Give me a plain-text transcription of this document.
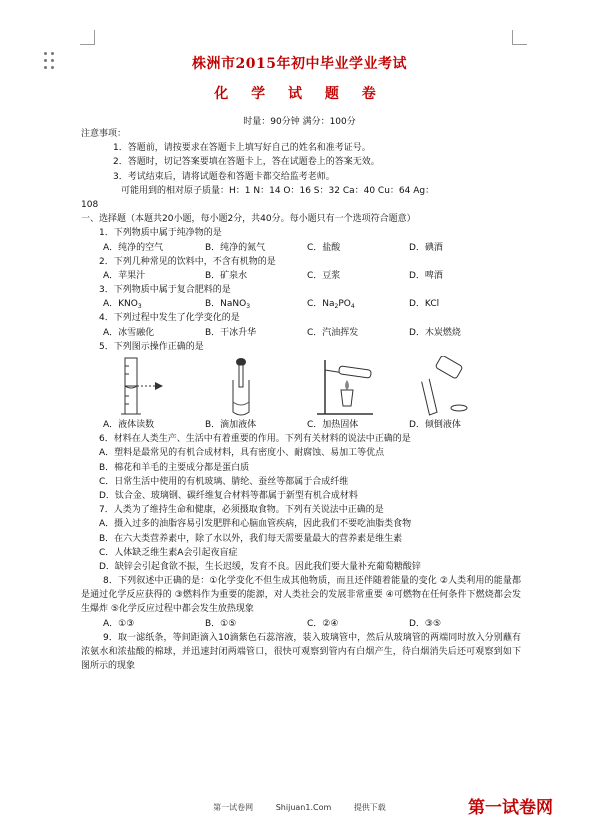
株洲市2015年初中毕业学业考试
化 学 试 题 卷
时量：90分钟 满分：100分
注意事项：
1．答题前，请按要求在答题卡上填写好自己的姓名和准考证号。
2．答题时，切记答案要填在答题卡上，答在试题卷上的答案无效。
3．考试结束后，请将试题卷和答题卡都交给监考老师。
可能用到的相对原子质量：H：1 N：14 O：16 S：32 Ca：40 Cu：64 Ag：
108
一、选择题（本题共20小题，每小题2分，共40分。每小题只有一个选项符合题意）
1．下列物质中属于纯净物的是
A．纯净的空气	B．纯净的氮气	C．盐酸	D．碘酒
2．下列几种常见的饮料中，不含有机物的是
A．苹果汁	B．矿泉水	C．豆浆	D．啤酒
3．下列物质中属于复合肥料的是
A．$KNO_3$	B．NaNO$_3$	C．$Na_2PO_4$	D．KCl
4．下列过程中发生了化学变化的是
A．冰雪融化	B．干冰升华	C．汽油挥发	D．木炭燃烧
5．下列图示操作正确的是
A．液体读数	B．滴加液体	C．加热固体	D．倾倒液体
6．材料在人类生产、生活中有着重要的作用。下列有关材料的说法中正确的是
A．塑料是最常见的有机合成材料，具有密度小、耐腐蚀、易加工等优点
B．棉花和羊毛的主要成分都是蛋白质
C．日常生活中使用的有机玻璃、腈纶、蚕丝等都属于合成纤维
D．钛合金、玻璃钢、碳纤维复合材料等都属于新型有机合成材料
7．人类为了维持生命和健康，必须摄取食物。下列有关说法中正确的是
A．摄入过多的油脂容易引发肥胖和心脑血管疾病，因此我们不要吃油脂类食物
B．在六大类营养素中，除了水以外，我们每天需要量最大的营养素是维生素
C．人体缺乏维生素A会引起夜盲症
D．缺锌会引起食欲不振，生长迟缓，发育不良。因此我们要大量补充葡萄糖酸锌
8．下列叙述中正确的是：①化学变化不但生成其他物质，而且还伴随着能量的变化 ②人类利用的能量都是通过化学反应获得的 ③燃料作为重要的能源，对人类社会的发展非常重要 ④可燃物在任何条件下燃烧都会发生爆炸 ⑤化学反应过程中都会发生放热现象
A．①③	B．①⑤	C．②④	D．③⑤
9．取一滤纸条，等间距滴入10滴紫色石蕊溶液，装入玻璃管中，然后从玻璃管的两端同时放入分别蘸有浓氨水和浓盐酸的棉球，并迅速封闭两端管口，很快可观察到管内有白烟产生，待白烟消失后还可观察到如下图所示的现象
第一试卷网	Shijuan1.Com	提供下载	第一试卷网
